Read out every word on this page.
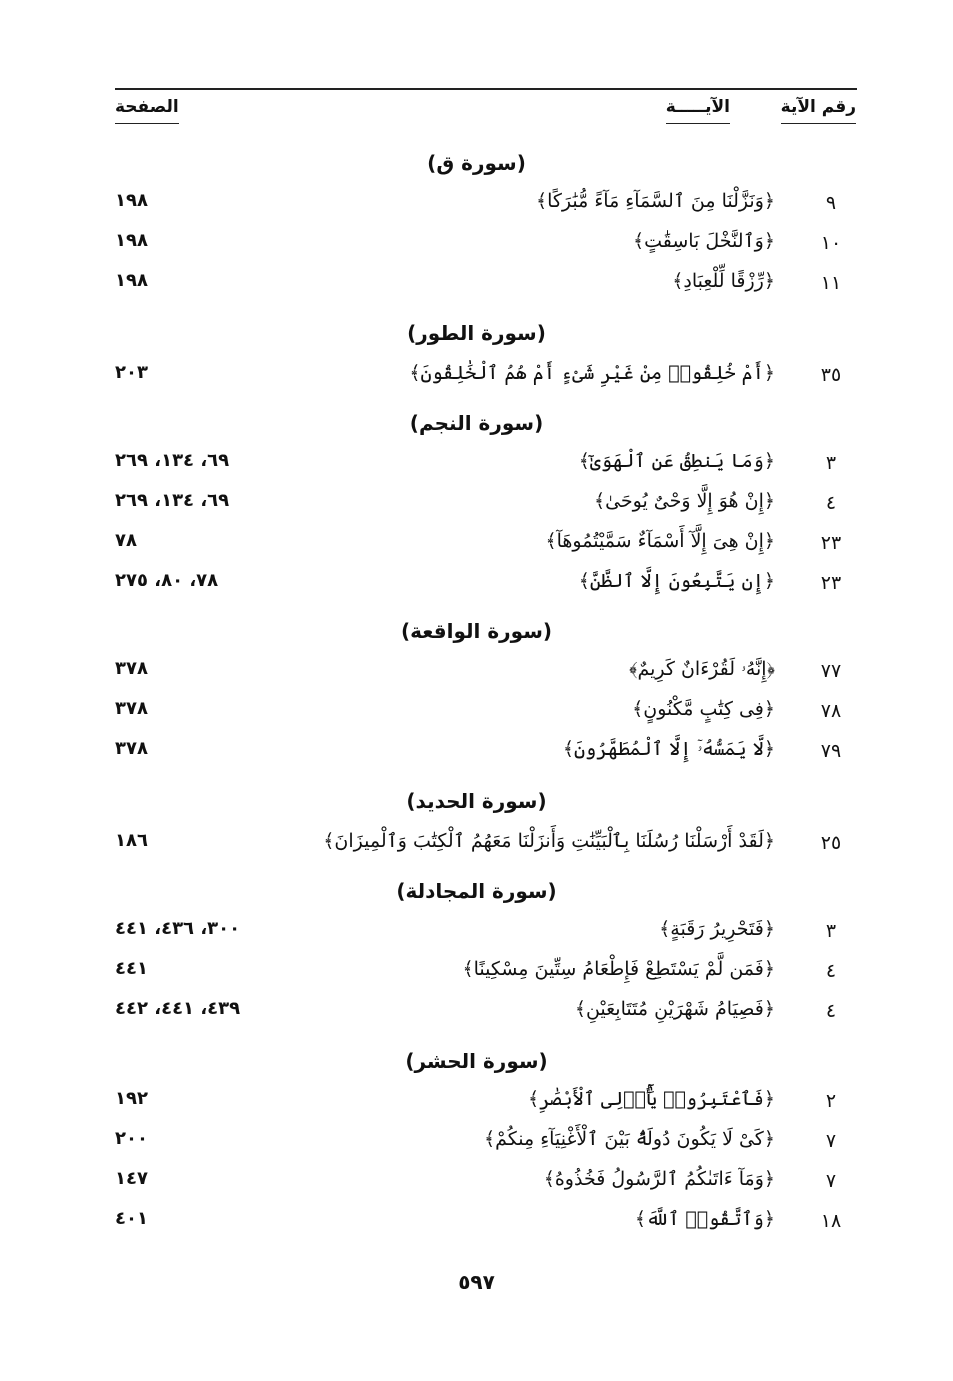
رقم الآية
الآيـــــة
الصفحة
(سورة ق)
٩
﴿وَنَزَّلْنَا مِنَ ٱلسَّمَآءِ مَآءً مُّبَٰرَكًا﴾
١٩٨
١٠
﴿وَٱلنَّخْلَ بَاسِقَٰتٍ﴾
١٩٨
١١
﴿رِّزْقًا لِّلْعِبَادِ﴾
١٩٨
(سورة الطور)
٣٥
﴿أَمْ خُلِقُوا۟ مِنْ غَيْرِ شَىْءٍ أَمْ هُمُ ٱلْخَٰلِقُونَ﴾
٢٠٣
(سورة النجم)
٣
﴿وَمَا يَنطِقُ عَنِ ٱلْهَوَىٰٓ﴾
٦٩، ١٣٤، ٢٦٩
٤
﴿إِنْ هُوَ إِلَّا وَحْىٌ يُوحَىٰ﴾
٦٩، ١٣٤، ٢٦٩
٢٣
﴿إِنْ هِىَ إِلَّآ أَسْمَآءٌ سَمَّيْتُمُوهَآ﴾
٧٨
٢٣
﴿إِن يَتَّبِعُونَ إِلَّا ٱلظَّنَّ﴾
٧٨، ٨٠، ٢٧٥
(سورة الواقعة)
٧٧
﴿إِنَّهُۥ لَقُرْءَانٌ كَرِيمٌ﴾
٣٧٨
٧٨
﴿فِى كِتَٰبٍ مَّكْنُونٍ﴾
٣٧٨
٧٩
﴿لَّا يَمَسُّهُۥٓ إِلَّا ٱلْمُطَهَّرُونَ﴾
٣٧٨
(سورة الحديد)
٢٥
﴿لَقَدْ أَرْسَلْنَا رُسُلَنَا بِٱلْبَيِّنَٰتِ وَأَنزَلْنَا مَعَهُمُ ٱلْكِتَٰبَ وَٱلْمِيزَانَ﴾
١٨٦
(سورة المجادلة)
٣
﴿فَتَحْرِيرُ رَقَبَةٍ﴾
٣٠٠، ٤٣٦، ٤٤١
٤
﴿فَمَن لَّمْ يَسْتَطِعْ فَإِطْعَامُ سِتِّينَ مِسْكِينًا﴾
٤٤١
٤
﴿فَصِيَامُ شَهْرَيْنِ مُتَتَابِعَيْنِ﴾
٤٣٩، ٤٤١، ٤٤٢
(سورة الحشر)
٢
﴿فَٱعْتَبِرُوا۟ يَٰٓأُو۟لِى ٱلْأَبْصَٰرِ﴾
١٩٢
٧
﴿كَىْ لَا يَكُونَ دُولَةًۢ بَيْنَ ٱلْأَغْنِيَآءِ مِنكُمْ﴾
٢٠٠
٧
﴿وَمَآ ءَاتَىٰكُمُ ٱلرَّسُولُ فَخُذُوهُ﴾
١٤٧
١٨
﴿وَٱتَّقُوا۟ ٱللَّهَ﴾
٤٠١
٥٩٧
